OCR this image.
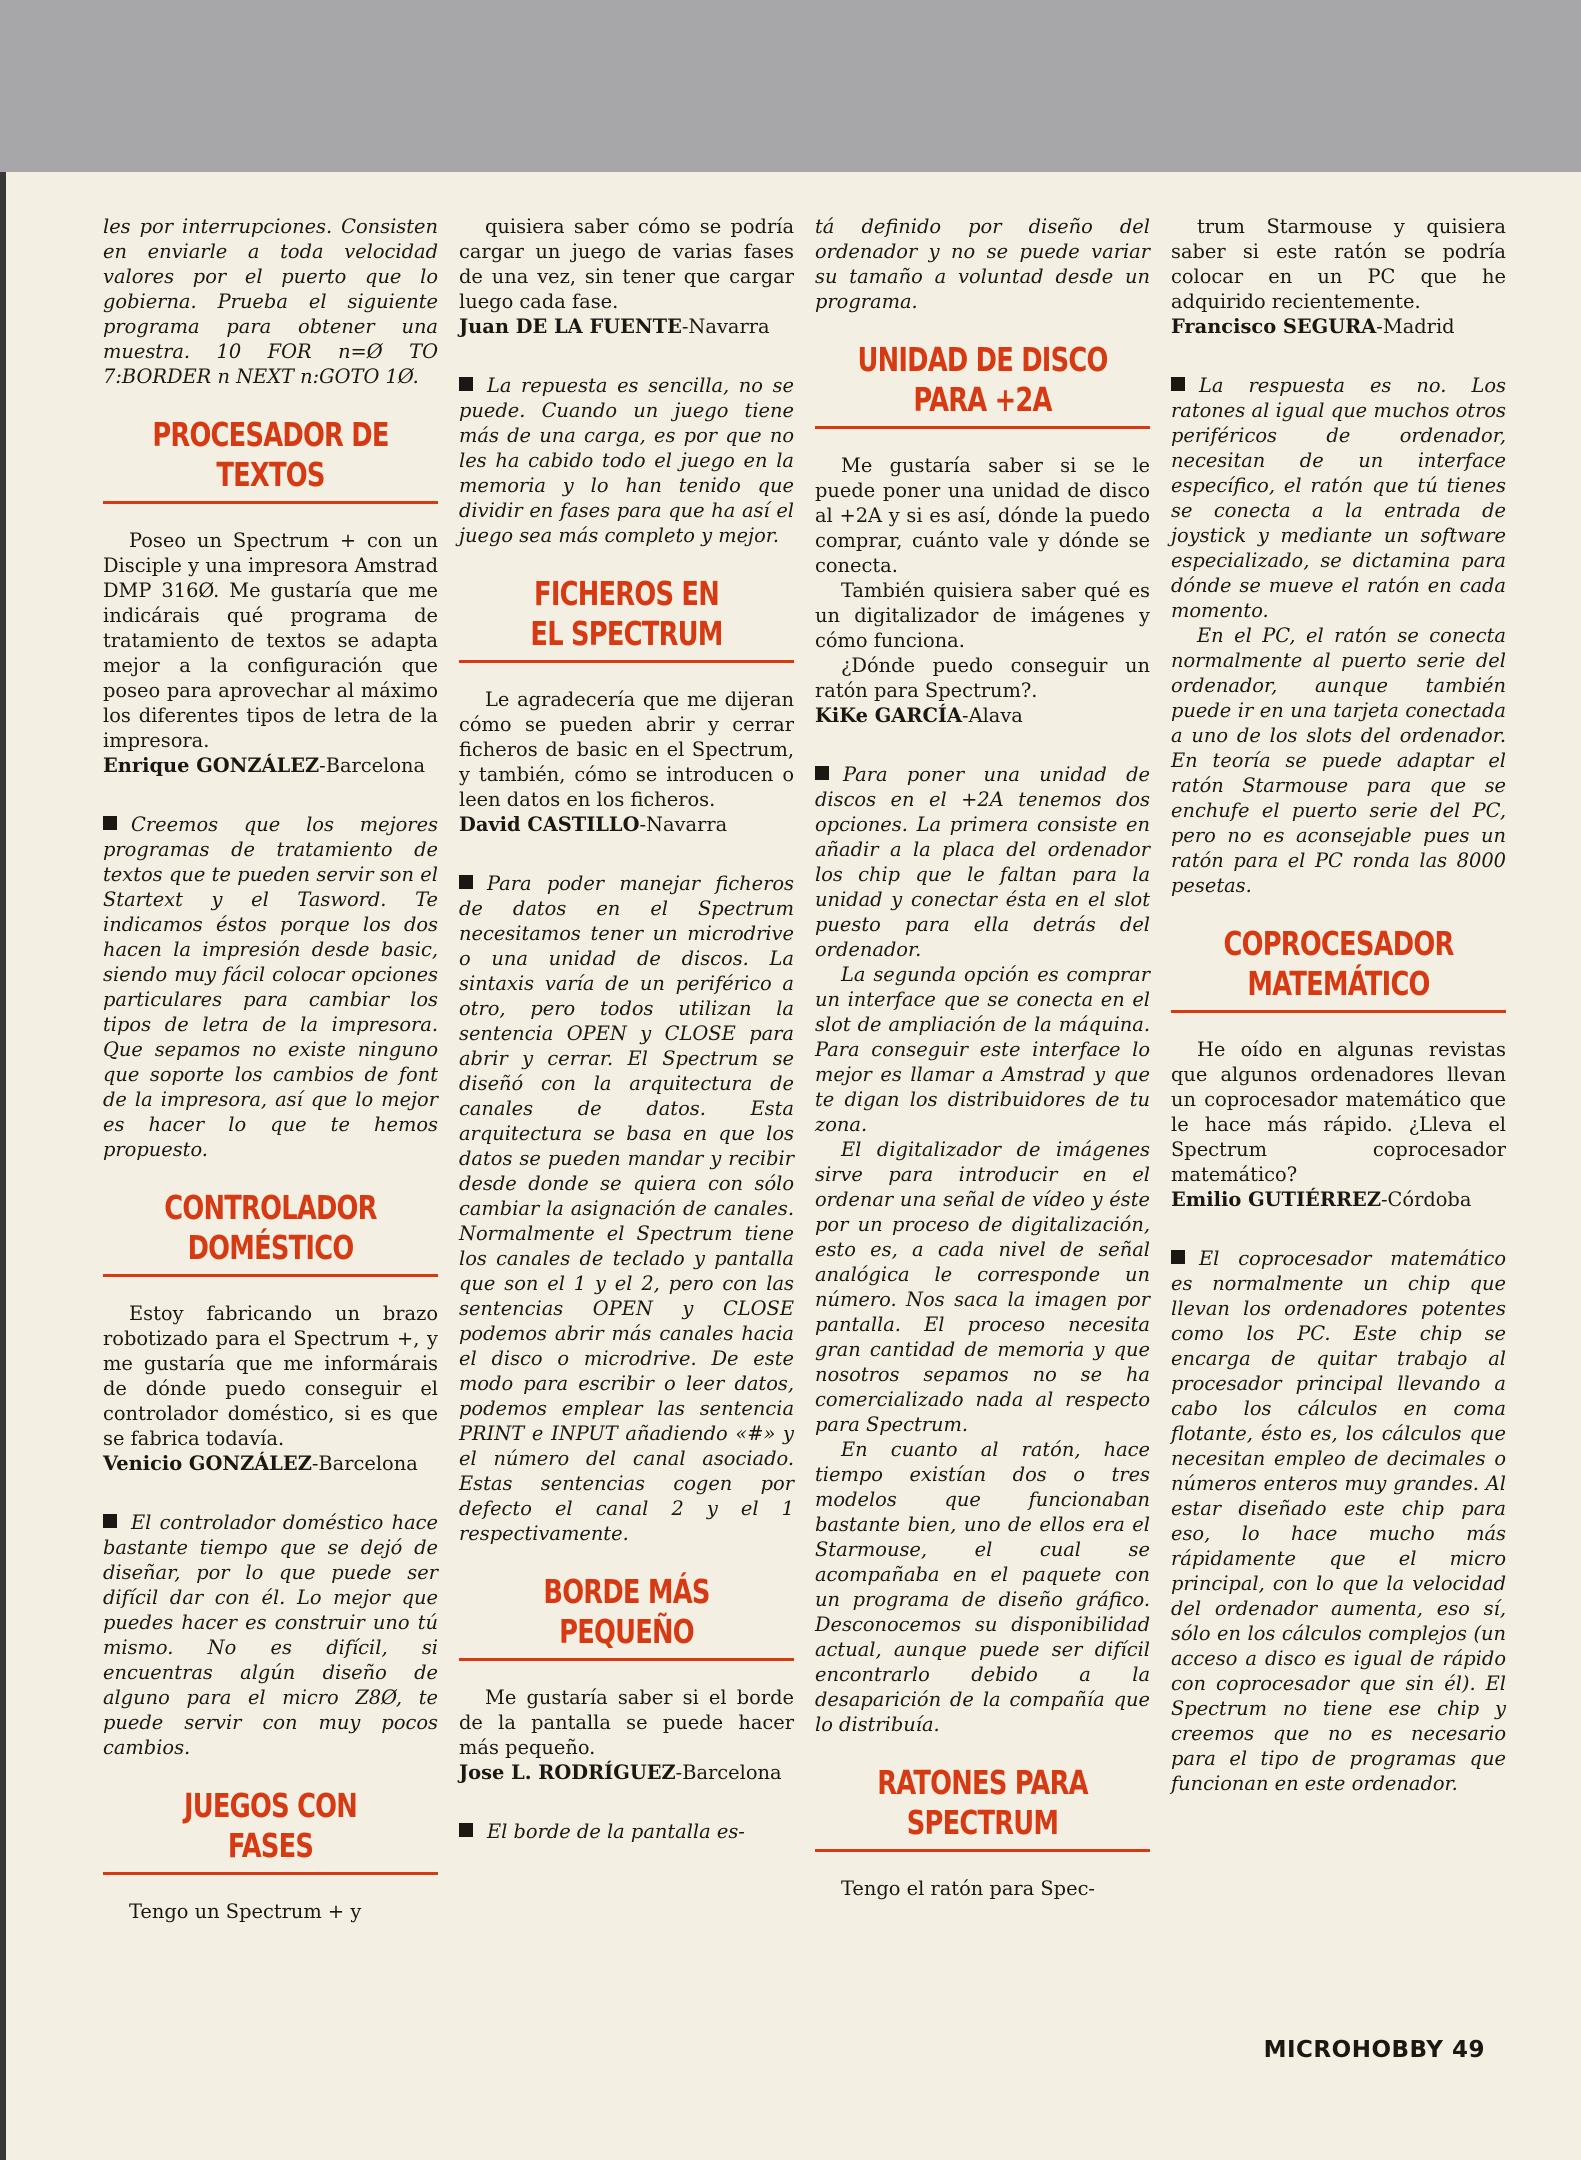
les por interrupciones. Consisten en enviarle a toda velocidad valores por el puerto que lo gobierna. Prueba el siguiente programa para obtener una muestra. 10 FOR n=Ø TO 7:BORDER n NEXT n:GOTO 1Ø.

PROCESADOR DE
TEXTOS

Poseo un Spectrum + con un Disciple y una impresora Amstrad DMP 316Ø. Me gustaría que me indicárais qué programa de tratamiento de textos se adapta mejor a la configuración que poseo para aprovechar al máximo los diferentes tipos de letra de la impresora.

Enrique GONZÁLEZ-Barcelona

Creemos que los mejores programas de tratamiento de textos que te pueden servir son el Startext y el Tasword. Te indicamos éstos porque los dos hacen la impresión desde basic, siendo muy fácil colocar opciones particulares para cambiar los tipos de letra de la impresora. Que sepamos no existe ninguno que soporte los cambios de font de la impresora, así que lo mejor es hacer lo que te hemos propuesto.

CONTROLADOR
DOMÉSTICO

Estoy fabricando un brazo robotizado para el Spectrum +, y me gustaría que me informárais de dónde puedo conseguir el controlador doméstico, si es que se fabrica todavía.

Venicio GONZÁLEZ-Barcelona

El controlador doméstico hace bastante tiempo que se dejó de diseñar, por lo que puede ser difícil dar con él. Lo mejor que puedes hacer es construir uno tú mismo. No es difícil, si encuentras algún diseño de alguno para el micro Z8Ø, te puede servir con muy pocos cambios.

JUEGOS CON FASES

Tengo un Spectrum + y

quisiera saber cómo se podría cargar un juego de varias fases de una vez, sin tener que cargar luego cada fase.

Juan DE LA FUENTE-Navarra

La repuesta es sencilla, no se puede. Cuando un juego tiene más de una carga, es por que no les ha cabido todo el juego en la memoria y lo han tenido que dividir en fases para que ha así el juego sea más completo y mejor.

FICHEROS EN
EL SPECTRUM

Le agradecería que me dijeran cómo se pueden abrir y cerrar ficheros de basic en el Spectrum, y también, cómo se introducen o leen datos en los ficheros.

David CASTILLO-Navarra

Para poder manejar ficheros de datos en el Spectrum necesitamos tener un microdrive o una unidad de discos. La sintaxis varía de un periférico a otro, pero todos utilizan la sentencia OPEN y CLOSE para abrir y cerrar. El Spectrum se diseñó con la arquitectura de canales de datos. Esta arquitectura se basa en que los datos se pueden mandar y recibir desde donde se quiera con sólo cambiar la asignación de canales. Normalmente el Spectrum tiene los canales de teclado y pantalla que son el 1 y el 2, pero con las sentencias OPEN y CLOSE podemos abrir más canales hacia el disco o microdrive. De este modo para escribir o leer datos, podemos emplear las sentencia PRINT e INPUT añadiendo «#» y el número del canal asociado. Estas sentencias cogen por defecto el canal 2 y el 1 respectivamente.

BORDE MÁS PEQUEÑO

Me gustaría saber si el borde de la pantalla se puede hacer más pequeño.

Jose L. RODRÍGUEZ-Barcelona

El borde de la pantalla es-

tá definido por diseño del ordenador y no se puede variar su tamaño a voluntad desde un programa.

UNIDAD DE DISCO
PARA +2A

Me gustaría saber si se le puede poner una unidad de disco al +2A y si es así, dónde la puedo comprar, cuánto vale y dónde se conecta.

También quisiera saber qué es un digitalizador de imágenes y cómo funciona.

¿Dónde puedo conseguir un ratón para Spectrum?.

KiKe GARCÍA-Alava

Para poner una unidad de discos en el +2A tenemos dos opciones. La primera consiste en añadir a la placa del ordenador los chip que le faltan para la unidad y conectar ésta en el slot puesto para ella detrás del ordenador.

La segunda opción es comprar un interface que se conecta en el slot de ampliación de la máquina. Para conseguir este interface lo mejor es llamar a Amstrad y que te digan los distribuidores de tu zona.

El digitalizador de imágenes sirve para introducir en el ordenar una señal de vídeo y éste por un proceso de digitalización, esto es, a cada nivel de señal analógica le corresponde un número. Nos saca la imagen por pantalla. El proceso necesita gran cantidad de memoria y que nosotros sepamos no se ha comercializado nada al respecto para Spectrum.

En cuanto al ratón, hace tiempo existían dos o tres modelos que funcionaban bastante bien, uno de ellos era el Starmouse, el cual se acompañaba en el paquete con un programa de diseño gráfico. Desconocemos su disponibilidad actual, aunque puede ser difícil encontrarlo debido a la desaparición de la compañía que lo distribuía.

RATONES PARA
SPECTRUM

Tengo el ratón para Spec-

trum Starmouse y quisiera saber si este ratón se podría colocar en un PC que he adquirido recientemente.

Francisco SEGURA-Madrid

La respuesta es no. Los ratones al igual que muchos otros periféricos de ordenador, necesitan de un interface específico, el ratón que tú tienes se conecta a la entrada de joystick y mediante un software especializado, se dictamina para dónde se mueve el ratón en cada momento.

En el PC, el ratón se conecta normalmente al puerto serie del ordenador, aunque también puede ir en una tarjeta conectada a uno de los slots del ordenador. En teoría se puede adaptar el ratón Starmouse para que se enchufe el puerto serie del PC, pero no es aconsejable pues un ratón para el PC ronda las 8000 pesetas.

COPROCESADOR
MATEMÁTICO

He oído en algunas revistas que algunos ordenadores llevan un coprocesador matemático que le hace más rápido. ¿Lleva el Spectrum coprocesador matemático?

Emilio GUTIÉRREZ-Córdoba

El coprocesador matemático es normalmente un chip que llevan los ordenadores potentes como los PC. Este chip se encarga de quitar trabajo al procesador principal llevando a cabo los cálculos en coma flotante, ésto es, los cálculos que necesitan empleo de decimales o números enteros muy grandes. Al estar diseñado este chip para eso, lo hace mucho más rápidamente que el micro principal, con lo que la velocidad del ordenador aumenta, eso sí, sólo en los cálculos complejos (un acceso a disco es igual de rápido con coprocesador que sin él). El Spectrum no tiene ese chip y creemos que no es necesario para el tipo de programas que funcionan en este ordenador.

MICROHOBBY 49
